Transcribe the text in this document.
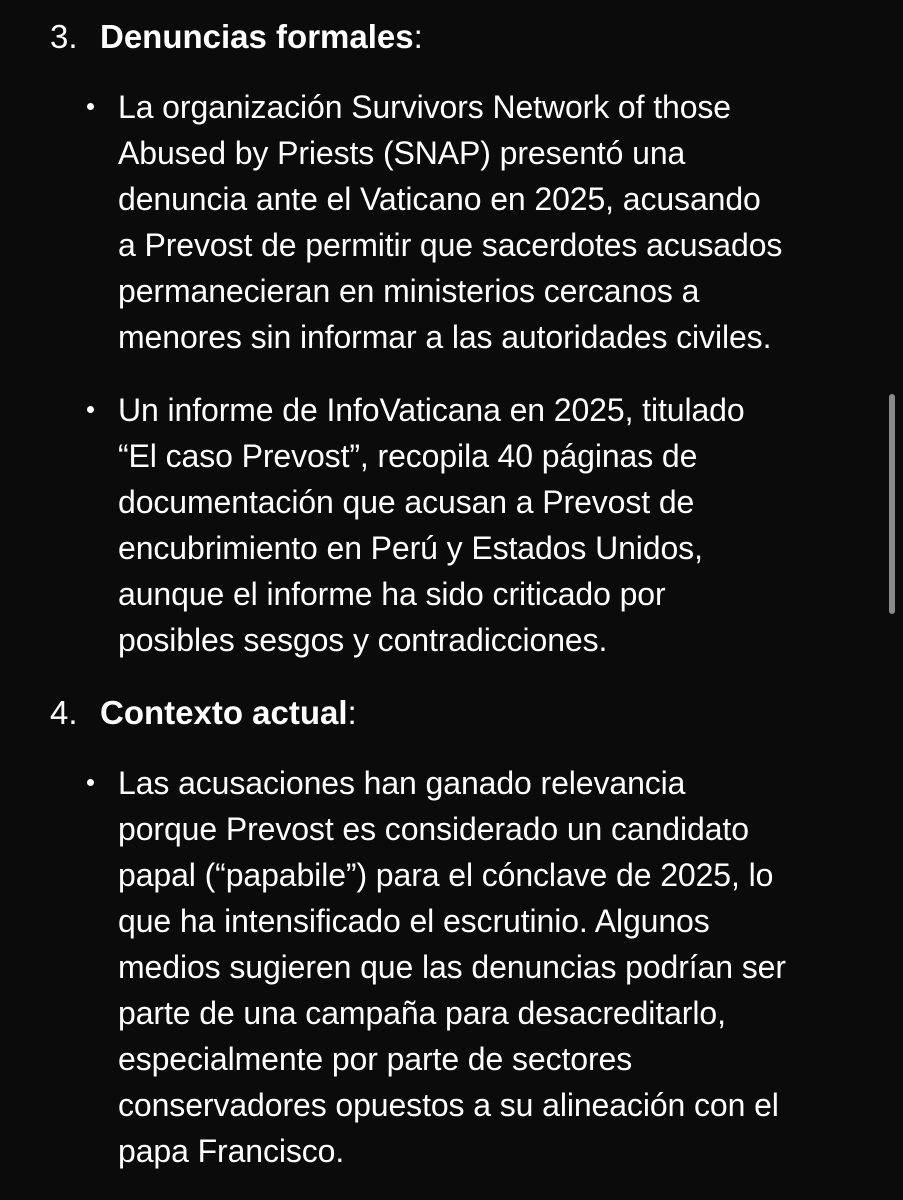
3. Denuncias formales:
La organización Survivors Network of those
Abused by Priests (SNAP) presentó una
denuncia ante el Vaticano en 2025, acusando
a Prevost de permitir que sacerdotes acusados
permanecieran en ministerios cercanos a
menores sin informar a las autoridades civiles.
Un informe de InfoVaticana en 2025, titulado
“El caso Prevost”, recopila 40 páginas de
documentación que acusan a Prevost de
encubrimiento en Perú y Estados Unidos,
aunque el informe ha sido criticado por
posibles sesgos y contradicciones.
4. Contexto actual:
Las acusaciones han ganado relevancia
porque Prevost es considerado un candidato
papal (“papabile”) para el cónclave de 2025, lo
que ha intensificado el escrutinio. Algunos
medios sugieren que las denuncias podrían ser
parte de una campaña para desacreditarlo,
especialmente por parte de sectores
conservadores opuestos a su alineación con el
papa Francisco.
